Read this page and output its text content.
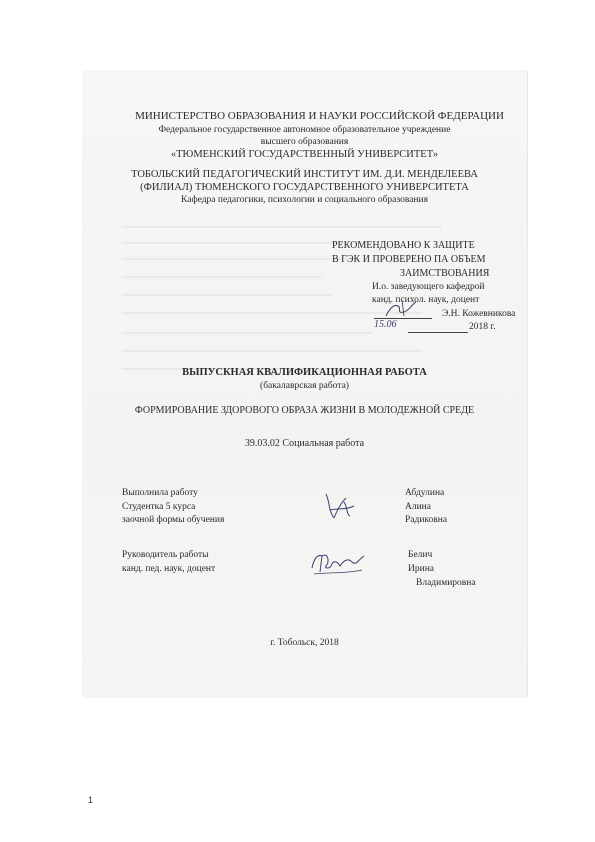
МИНИСТЕРСТВО ОБРАЗОВАНИЯ И НАУКИ РОССИЙСКОЙ ФЕДЕРАЦИИ
Федеральное государственное автономное образовательное учреждение
высшего образования
«ТЮМЕНСКИЙ ГОСУДАРСТВЕННЫЙ УНИВЕРСИТЕТ»
ТОБОЛЬСКИЙ ПЕДАГОГИЧЕСКИЙ ИНСТИТУТ ИМ. Д.И. МЕНДЕЛЕЕВА
(ФИЛИАЛ) ТЮМЕНСКОГО ГОСУДАРСТВЕННОГО УНИВЕРСИТЕТА
Кафедра педагогики, психологии и социального образования
РЕКОМЕНДОВАНО К ЗАЩИТЕ
В ГЭК И ПРОВЕРЕНО ПА ОБЪЕМ
ЗАИМСТВОВАНИЯ
И.о. заведующего кафедрой
канд. психол. наук, доцент
Э.Н. Кожевникова
15.06	2018 г.
ВЫПУСКНАЯ КВАЛИФИКАЦИОННАЯ РАБОТА
(бакалаврская работа)
ФОРМИРОВАНИЕ ЗДОРОВОГО ОБРАЗА ЖИЗНИ В МОЛОДЕЖНОЙ СРЕДЕ
39.03.02 Социальная работа
Выполнила работу
Студентка 5 курса
заочной формы обучения
Абдулина
Алина
Радиковна
Руководитель работы
канд. пед. наук, доцент
Белич
Ирина
Владимировна
г. Тобольск, 2018
1
